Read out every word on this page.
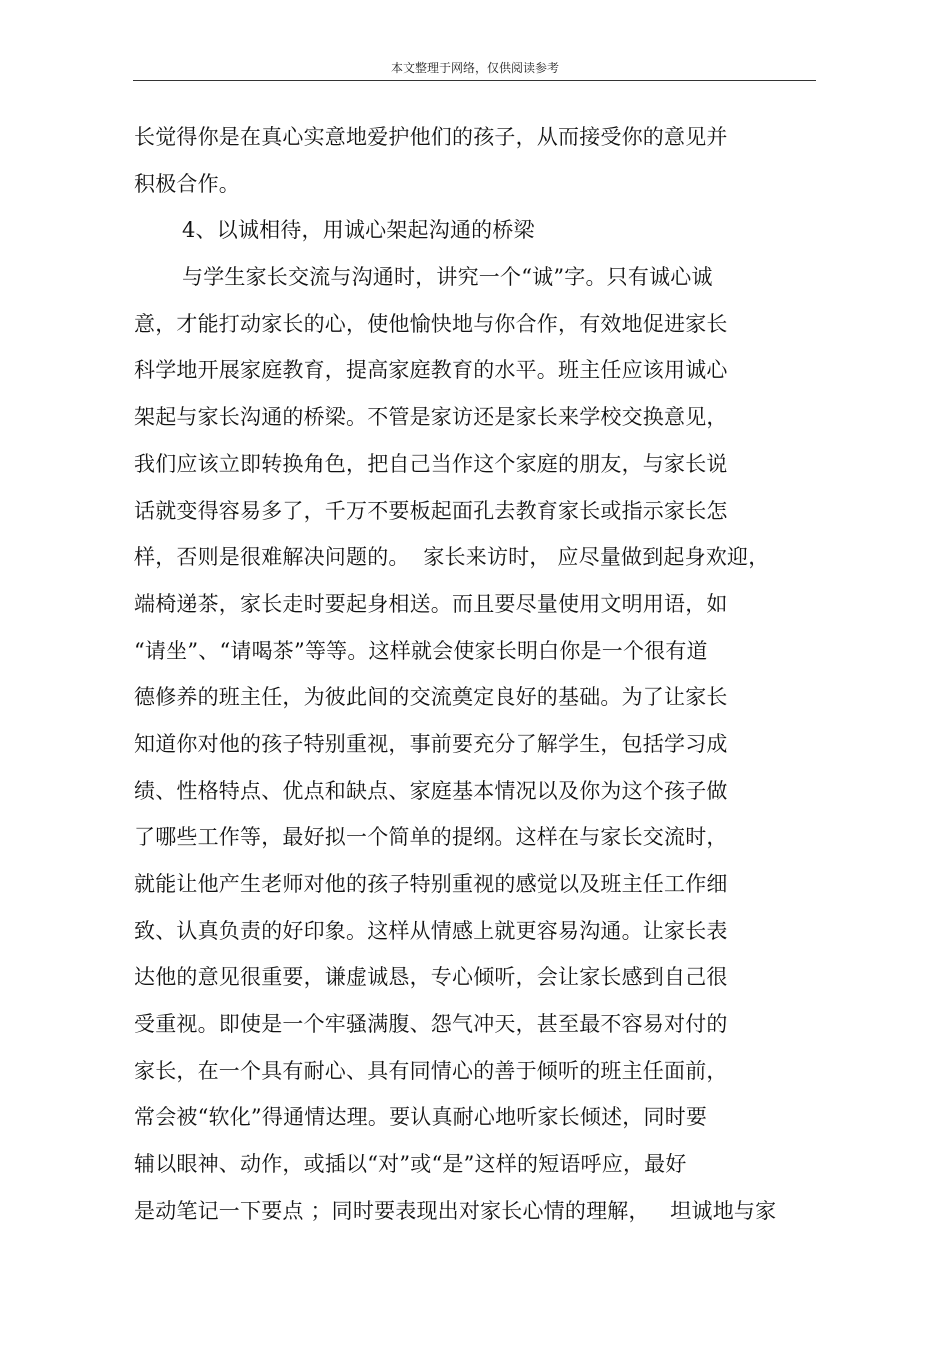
本文整理于网络，仅供阅读参考
长觉得你是在真心实意地爱护他们的孩子，从而接受你的意见并
积极合作。
4、以诚相待，用诚心架起沟通的桥梁
与学生家长交流与沟通时，讲究一个“诚”字。只有诚心诚
意，才能打动家长的心，使他愉快地与你合作，有效地促进家长
科学地开展家庭教育，提高家庭教育的水平。班主任应该用诚心
架起与家长沟通的桥梁。不管是家访还是家长来学校交换意见，
我们应该立即转换角色，把自己当作这个家庭的朋友，与家长说
话就变得容易多了，千万不要板起面孔去教育家长或指示家长怎
样，否则是很难解决问题的。  家长来访时， 应尽量做到起身欢迎，
端椅递茶，家长走时要起身相送。而且要尽量使用文明用语，如
“请坐”、“请喝茶”等等。这样就会使家长明白你是一个很有道
德修养的班主任，为彼此间的交流奠定良好的基础。为了让家长
知道你对他的孩子特别重视，事前要充分了解学生，包括学习成
绩、性格特点、优点和缺点、家庭基本情况以及你为这个孩子做
了哪些工作等，最好拟一个简单的提纲。这样在与家长交流时，
就能让他产生老师对他的孩子特别重视的感觉以及班主任工作细
致、认真负责的好印象。这样从情感上就更容易沟通。让家长表
达他的意见很重要，谦虚诚恳，专心倾听，会让家长感到自己很
受重视。即使是一个牢骚满腹、怨气冲天，甚至最不容易对付的
家长，在一个具有耐心、具有同情心的善于倾听的班主任面前，
常会被“软化”得通情达理。要认真耐心地听家长倾述，同时要
辅以眼神、动作，或插以“对”或“是”这样的短语呼应，最好
是动笔记一下要点 ；同时要表现出对家长心情的理解，   坦诚地与家
